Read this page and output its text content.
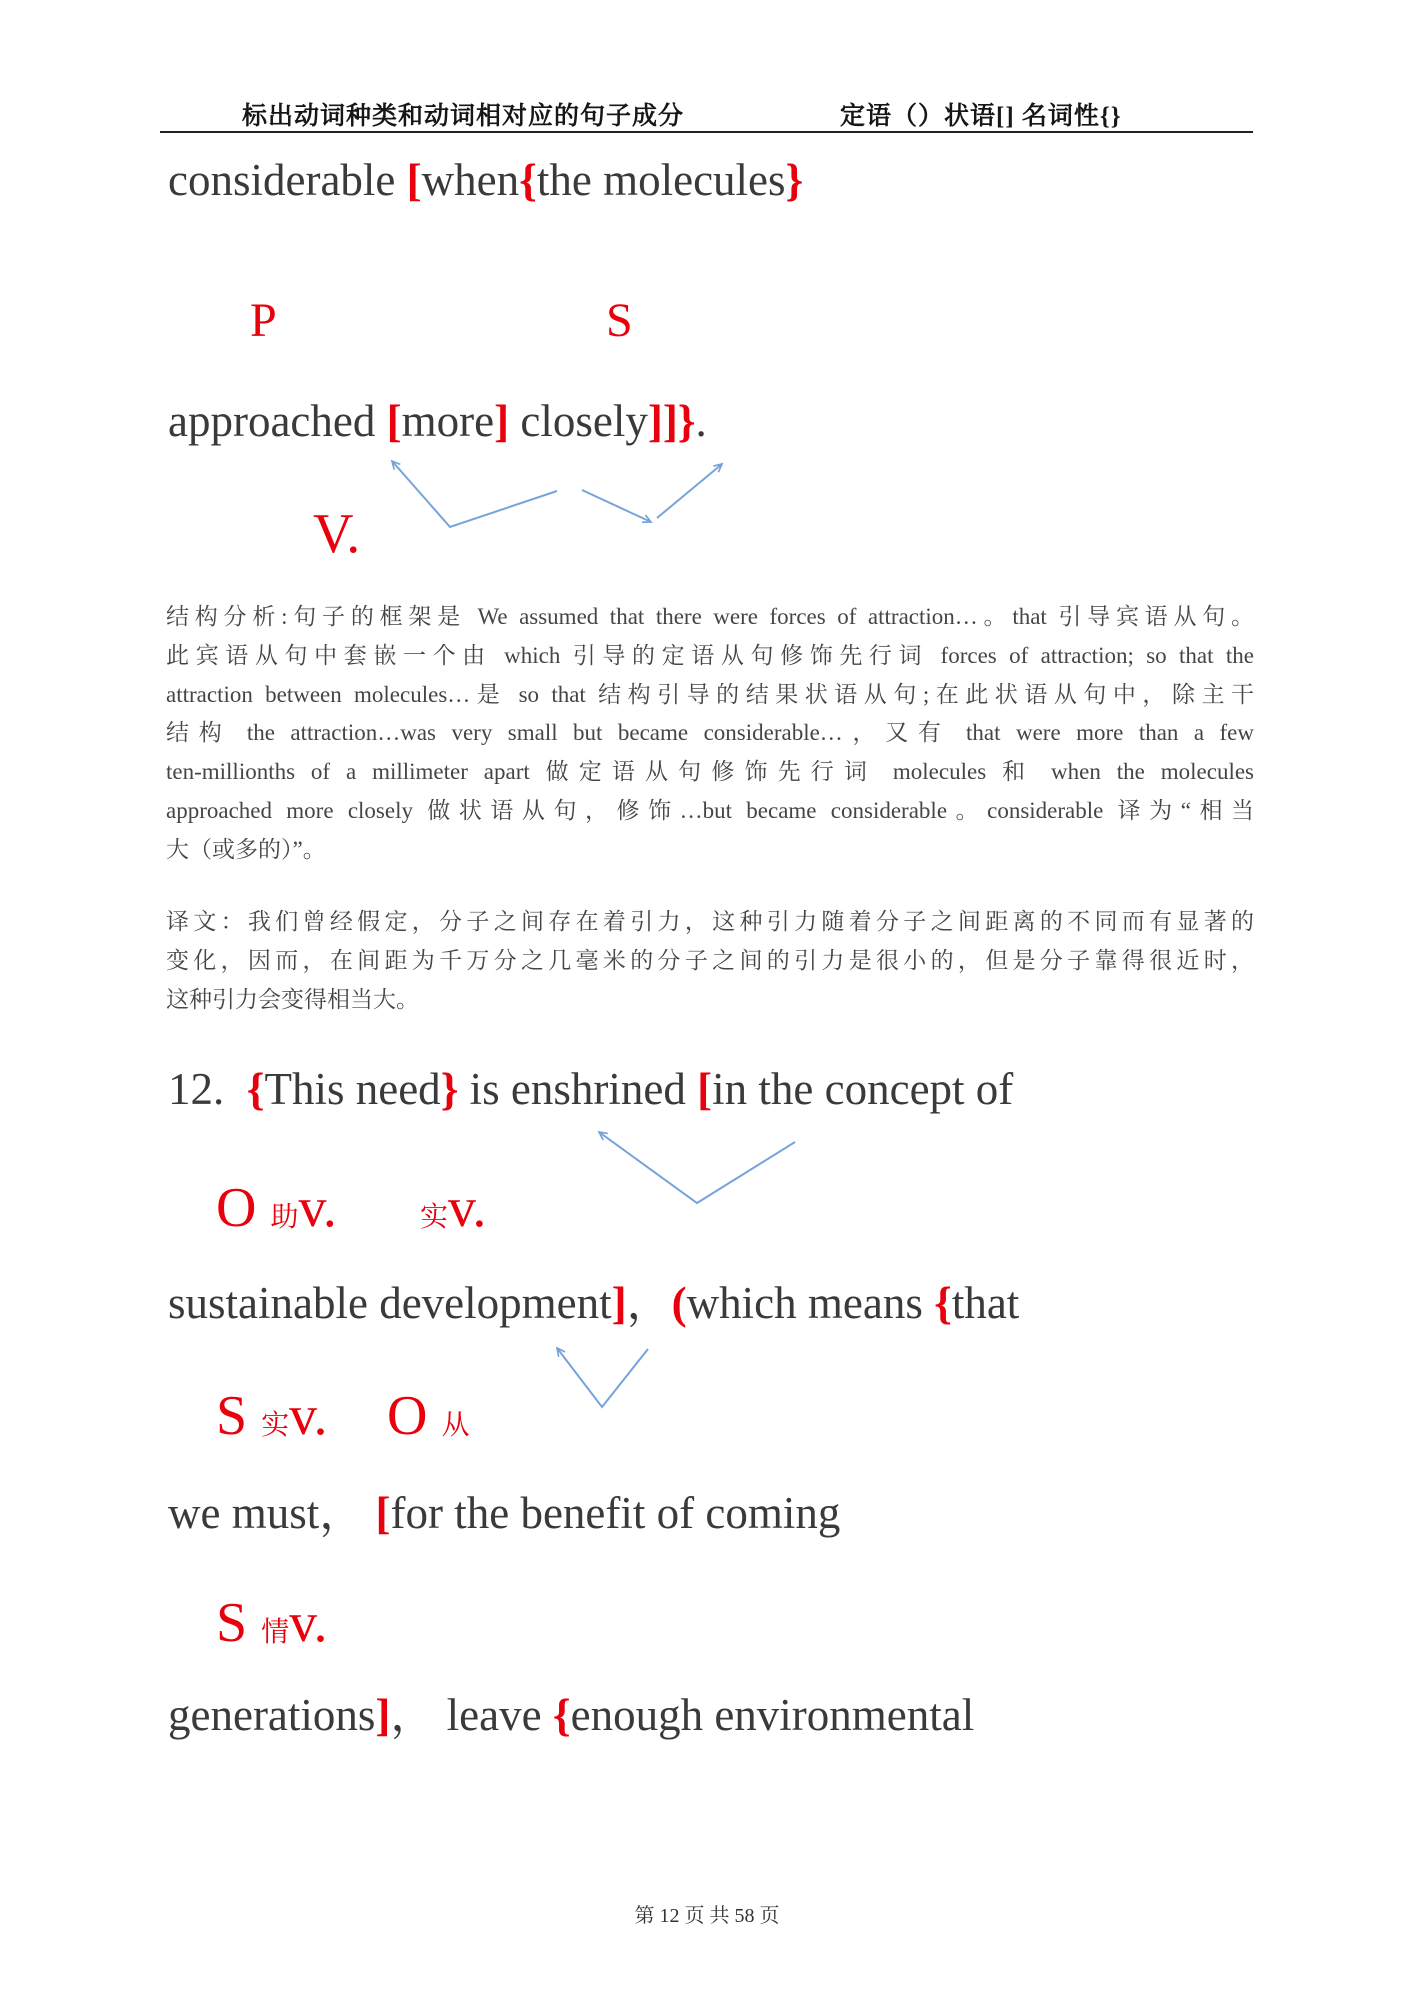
标出动词种类和动词相对应的句子成分	定语（）状语[] 名词性{}
considerable [when{the molecules}
P	S
approached [more] closely]]}.
V.
结构分析:句子的框架是 We assumed that there were forces of attraction…。that 引导宾语从句。
此宾语从句中套嵌一个由 which 引导的定语从句修饰先行词 forces of attraction; so that the
attraction between molecules…是 so that 结构引导的结果状语从句;在此状语从句中，除主干
结构 the attraction…was very small but became considerable…，又有 that were more than a few
ten-millionths of a millimeter apart 做定语从句修饰先行词 molecules 和 when the molecules
approached more closely 做状语从句，修饰…but became considerable。considerable 译为“相当
大（或多的）”。
译文：我们曾经假定，分子之间存在着引力，这种引力随着分子之间距离的不同而有显著的
变化，因而，在间距为千万分之几毫米的分子之间的引力是很小的，但是分子靠得很近时，
这种引力会变得相当大。
12.  {This need} is enshrined [in the concept of
O 助v.	实v.
sustainable development]，(which means {that
S 实v. O 从
we must， [for the benefit of coming
S 情v.
generations]， leave {enough environmental
第 12 页 共 58 页
